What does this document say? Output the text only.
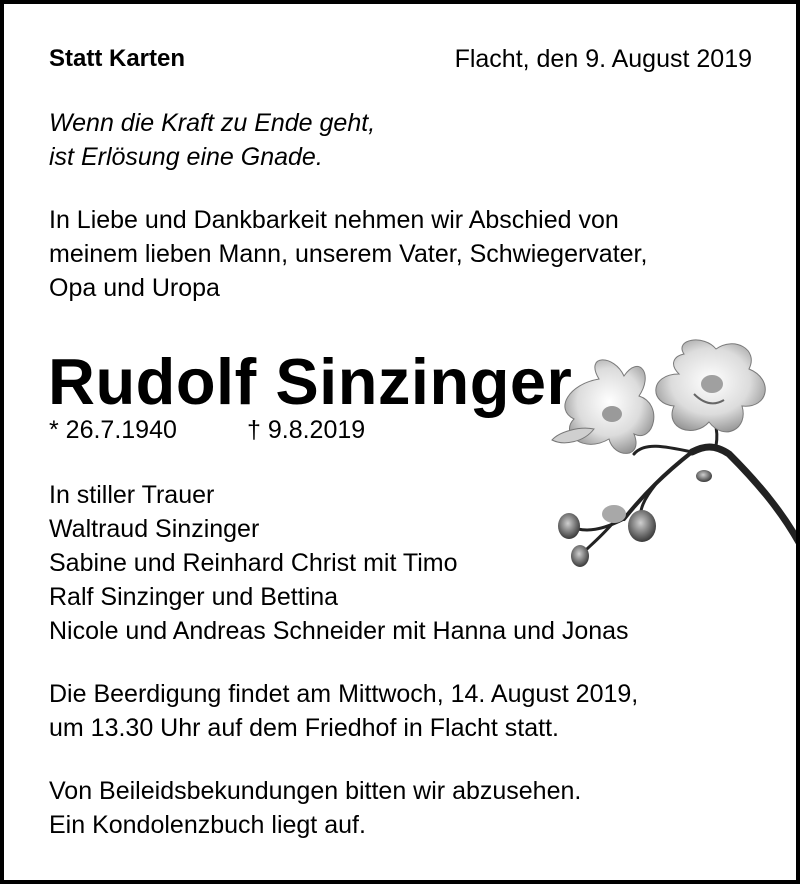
Statt Karten	Flacht, den 9. August 2019
Wenn die Kraft zu Ende geht,
ist Erlösung eine Gnade.
In Liebe und Dankbarkeit nehmen wir Abschied von
meinem lieben Mann, unserem Vater, Schwiegervater,
Opa und Uropa
Rudolf Sinzinger
* 26.7.1940	† 9.8.2019
In stiller Trauer
Waltraud Sinzinger
Sabine und Reinhard Christ mit Timo
Ralf Sinzinger und Bettina
Nicole und Andreas Schneider mit Hanna und Jonas
Die Beerdigung findet am Mittwoch, 14. August 2019,
um 13.30 Uhr auf dem Friedhof in Flacht statt.
Von Beileidsbekundungen bitten wir abzusehen.
Ein Kondolenzbuch liegt auf.
